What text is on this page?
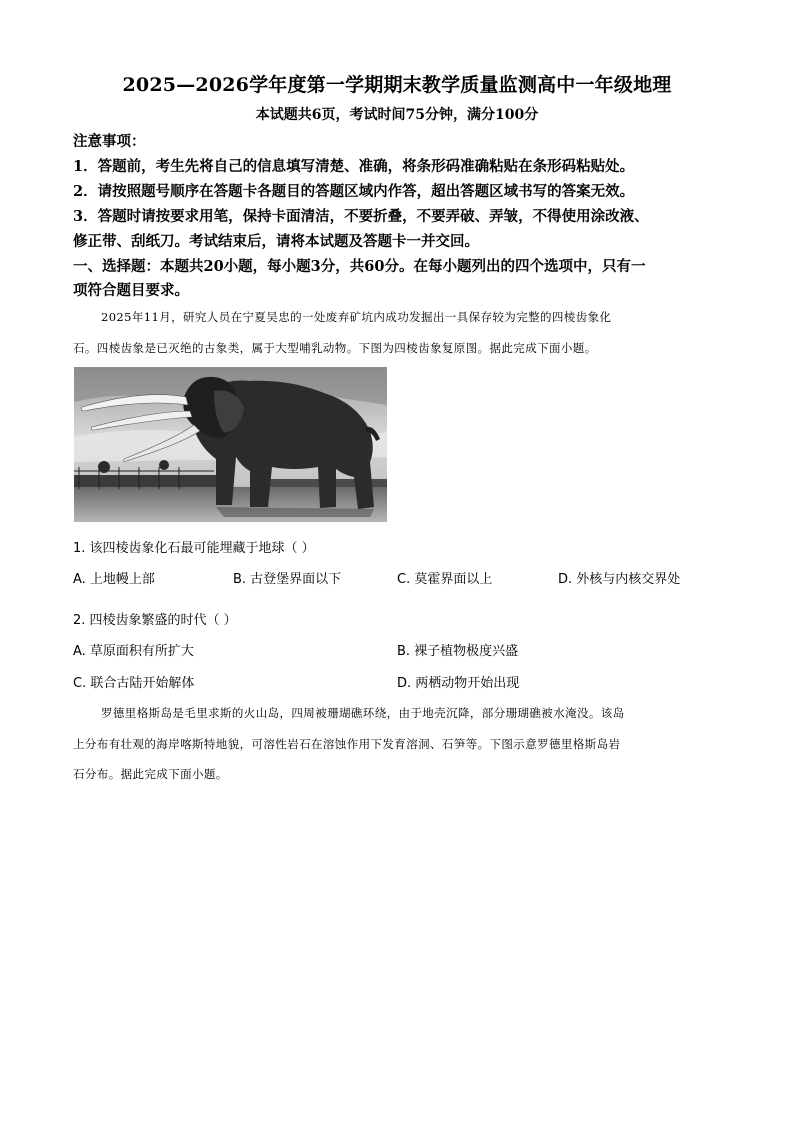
2025—2026学年度第一学期期末教学质量监测高中一年级地理
本试题共6页，考试时间75分钟，满分100分
注意事项：
1．答题前，考生先将自己的信息填写清楚、准确，将条形码准确粘贴在条形码粘贴处。
2．请按照题号顺序在答题卡各题目的答题区域内作答，超出答题区域书写的答案无效。
3．答题时请按要求用笔，保持卡面清洁，不要折叠，不要弄破、弄皱，不得使用涂改液、
修正带、刮纸刀。考试结束后，请将本试题及答题卡一并交回。
一、选择题：本题共20小题，每小题3分，共60分。在每小题列出的四个选项中，只有一
项符合题目要求。
2025年11月，研究人员在宁夏吴忠的一处废弃矿坑内成功发掘出一具保存较为完整的四棱齿象化
石。四棱齿象是已灭绝的古象类，属于大型哺乳动物。下图为四棱齿象复原图。据此完成下面小题。
1. 该四棱齿象化石最可能埋藏于地球（ ）
A. 上地幔上部	B. 古登堡界面以下	C. 莫霍界面以上	D. 外核与内核交界处
2. 四棱齿象繁盛的时代（ ）
A. 草原面积有所扩大	B. 裸子植物极度兴盛
C. 联合古陆开始解体	D. 两栖动物开始出现
罗德里格斯岛是毛里求斯的火山岛，四周被珊瑚礁环绕，由于地壳沉降，部分珊瑚礁被水淹没。该岛
上分布有壮观的海岸喀斯特地貌，可溶性岩石在溶蚀作用下发育溶洞、石笋等。下图示意罗德里格斯岛岩
石分布。据此完成下面小题。
